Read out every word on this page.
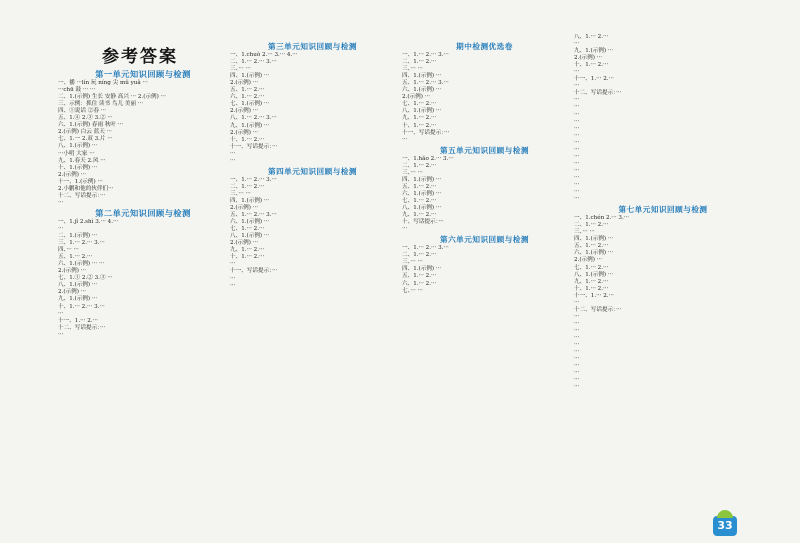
参考答案
第一单元知识回顾与检测
一、播 ···lín 玩 níng 尖 mǔ yuǎ ···
···chū 鼓 ··· ···
二、1.(示例) 生长 安静 高兴 ··· 2.(示例) ···
三、示例：抓住 读书 鸟儿 美丽 ···
四、①说话 ②春 ···
五、1.④ 2.③ 3.② ···
六、1.(示例) 春雨 秋叶 ···
2.(示例) 白云 蓝天 ···
七、1.一 2.双 3.片 ···
八、1.(示例) ···
···小明 大家 ···
九、1.春天 2.风 ···
十、1.(示例) ···
2.(示例) ···
十一、1.(示例) ···
2.小鹏和他的伙伴们···
十二、写话提示：···
···
第二单元知识回顾与检测
一、1.jǐ 2.shì 3.··· 4.···
···
二、1.(示例) ···
三、1.··· 2.··· 3.···
四、··· ···
五、1.··· 2.···
六、1.(示例) ··· ···
2.(示例) ···
七、1.① 2.② 3.③ ···
八、1.(示例) ···
2.(示例) ···
九、1.(示例) ···
十、1.··· 2.··· 3.···
···
十一、1.··· 2.···
十二、写话提示：···
···
第三单元知识回顾与检测
一、1.chuò 2.··· 3.··· 4.···
二、1.··· 2.··· 3.···
三、··· ···
四、1.(示例) ···
2.(示例) ···
五、1.··· 2.···
六、1.··· 2.···
七、1.(示例) ···
2.(示例) ···
八、1.··· 2.··· 3.···
九、1.(示例) ···
2.(示例) ···
十、1.··· 2.···
十一、写话提示：···
···
···
第四单元知识回顾与检测
一、1.··· 2.··· 3.···
二、1.··· 2.···
三、··· ···
四、1.(示例) ···
2.(示例) ···
五、1.··· 2.··· 3.···
六、1.(示例) ···
七、1.··· 2.···
八、1.(示例) ···
2.(示例) ···
九、1.··· 2.···
十、1.··· 2.···
···
十一、写话提示：···
···
···
期中检测优选卷
一、1.··· 2.··· 3.···
二、1.··· 2.···
三、··· ···
四、1.(示例) ···
五、1.··· 2.··· 3.···
六、1.(示例) ···
2.(示例) ···
七、1.··· 2.···
八、1.(示例) ···
九、1.··· 2.···
十、1.··· 2.···
十一、写话提示：···
···
第五单元知识回顾与检测
一、1.hǎo 2.··· 3.···
二、1.··· 2.···
三、··· ···
四、1.(示例) ···
五、1.··· 2.···
六、1.(示例) ···
七、1.··· 2.···
八、1.(示例) ···
九、1.··· 2.···
十、写话提示：···
···
第六单元知识回顾与检测
一、1.··· 2.··· 3.···
二、1.··· 2.···
三、··· ···
四、1.(示例) ···
五、1.··· 2.···
六、1.··· 2.···
七、··· ···
八、1.··· 2.···
···
九、1.(示例) ···
2.(示例) ···
十、1.··· 2.···
···
十一、1.··· 2.···
···
十二、写话提示：···
···
···
···
···
···
···
···
···
···
···
···
···
···
···
···
第七单元知识回顾与检测
一、1.chén 2.··· 3.···
二、1.··· 2.···
三、··· ···
四、1.(示例) ···
五、1.··· 2.···
六、1.(示例) ···
2.(示例) ···
七、1.··· 2.···
八、1.(示例) ···
九、1.··· 2.···
十、1.··· 2.···
十一、1.··· 2.···
···
十二、写话提示：···
···
···
···
···
···
···
···
···
···
···
···
33
